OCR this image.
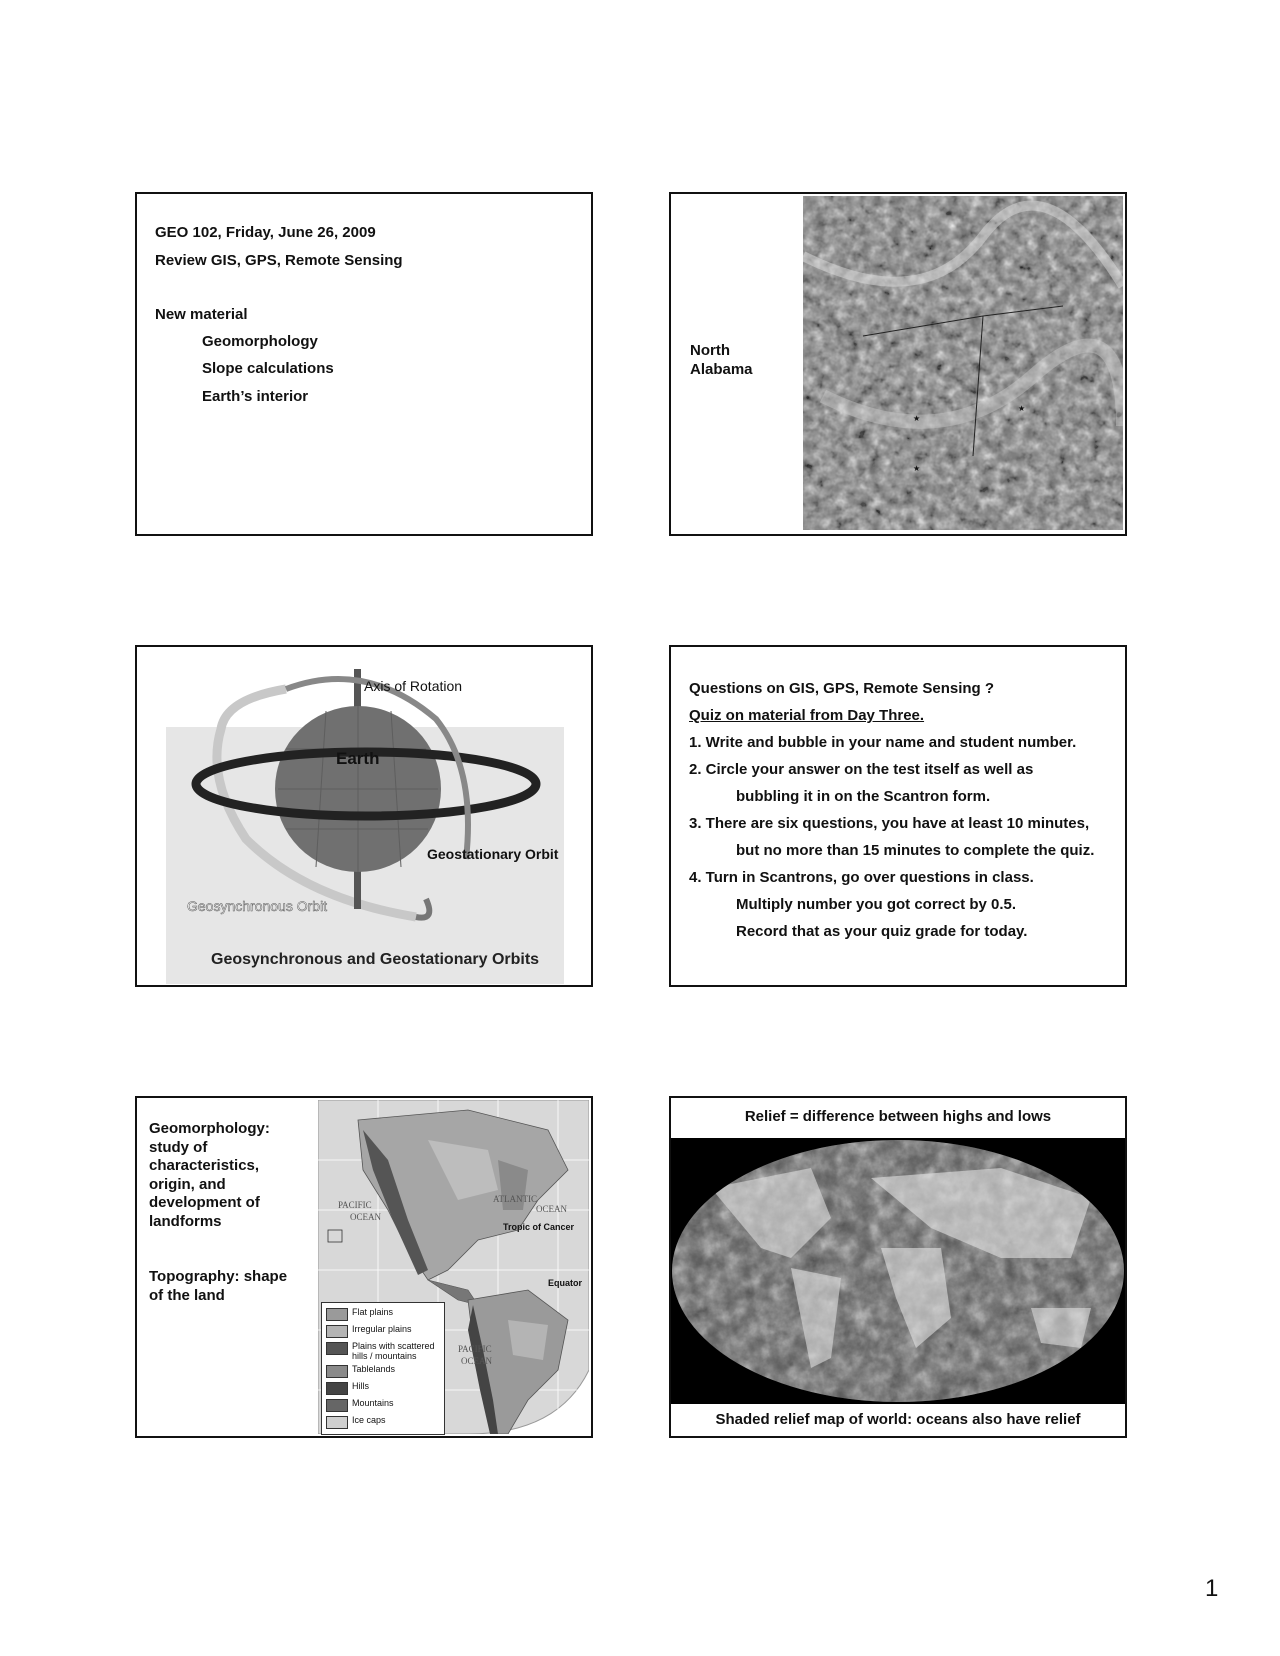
GEO 102, Friday, June 26, 2009
Review GIS, GPS, Remote Sensing
New material
Geomorphology
Slope calculations
Earth’s interior
North
Alabama
★
★
★
Axis of Rotation
Earth
Geostationary Orbit
Geosynchronous Orbit
Geosynchronous and Geostationary Orbits
Questions on GIS, GPS, Remote Sensing ?
Quiz on material from Day Three.
1. Write and bubble in your name and student number.
2. Circle your answer on the test itself as well as
bubbling it in on the Scantron form.
3. There are six questions, you have at least 10 minutes,
but no more than 15 minutes to complete the quiz.
4. Turn in Scantrons, go over questions in class.
Multiply number you got correct by 0.5.
Record that as your quiz grade for today.
Geomorphology:
study of
characteristics,
origin, and
development of
landforms
Topography: shape
of the land
PACIFIC
OCEAN
ATLANTIC
OCEAN
Tropic of Cancer
Equator
PACIFIC
OCEAN
Flat plains
Irregular plains
Plains with scattered hills / mountains
Tablelands
Hills
Mountains
Ice caps
Relief = difference between highs and lows
Shaded relief map of world: oceans also have relief
1
